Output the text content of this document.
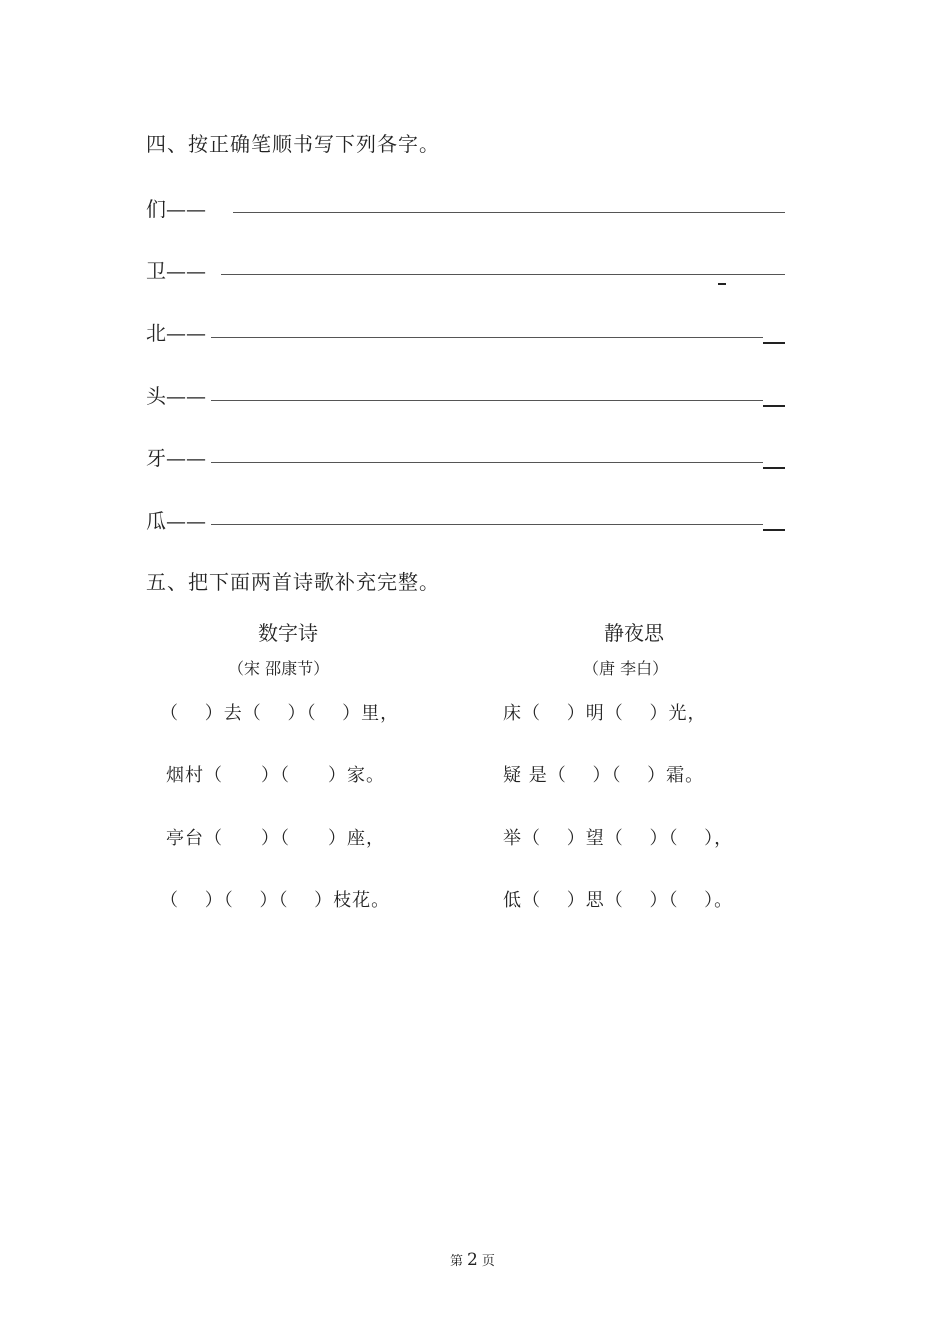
四、按正确笔顺书写下列各字。
们——
卫——
北——
头——
牙——
瓜——
五、把下面两首诗歌补充完整。
数字诗
（宋 邵康节）
（　 ）去（　 ）（　 ）里，
烟村（　　）（　　）家。
亭台（　　）（　　）座，
（　 ）（　 ）（　 ）枝花。
静夜思
（唐 李白）
床（　 ）明（　 ）光，
疑 是（　 ）（　 ）霜。
举（　 ）望（　 ）（　 ），
低（　 ）思（　 ）（　 ）。
第 2 页
